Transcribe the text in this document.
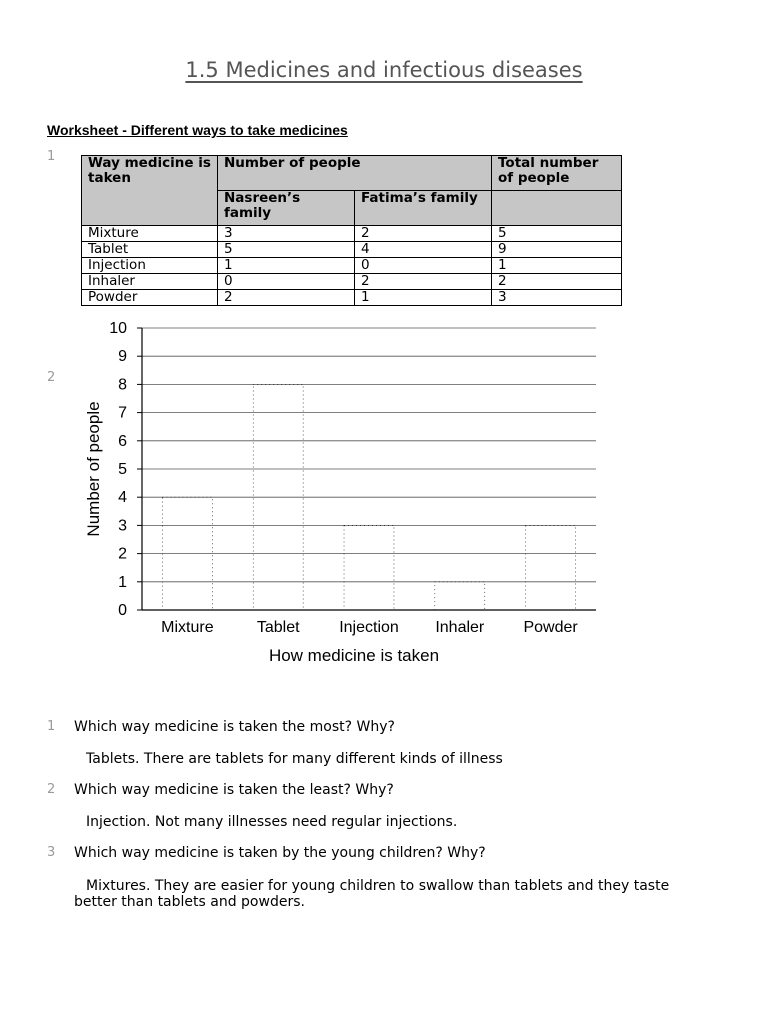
1.5 Medicines and infectious diseases
Worksheet - Different ways to take medicines
1 Way medicine is taken	Number of people		Total number of people
	Nasreen’s family	Fatima’s family	
Mixture	3	2	5
Tablet	5	4	9
Injection	1	0	1
Inhaler	0	2	2
Powder	2	1	3
2
0
1
2
3
4
5
6
7
8
9
10
Mixture	Tablet Injection Inhaler Powder
Number of people
How medicine is taken
1 Which way medicine is taken the most? Why?
Tablets. There are tablets for many different kinds of illness
2 Which way medicine is taken the least? Why?
Injection. Not many illnesses need regular injections.
3 Which way medicine is taken by the young children? Why?
Mixtures. They are easier for young children to swallow than tablets and they taste better than tablets and powders.
